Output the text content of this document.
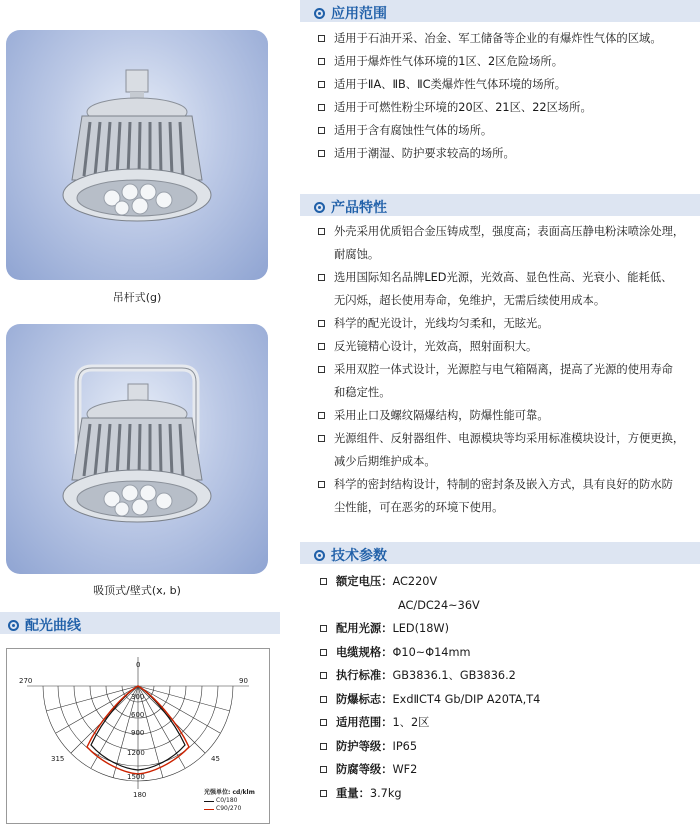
吊杆式(g)
吸顶式/壁式(x, b)
应用范围
适用于石油开采、冶金、军工储备等企业的有爆炸性气体的区域。
适用于爆炸性气体环境的1区、2区危险场所。
适用于ⅡA、ⅡB、ⅡC类爆炸性气体环境的场所。
适用于可燃性粉尘环境的20区、21区、22区场所。
适用于含有腐蚀性气体的场所。
适用于潮湿、防护要求较高的场所。
产品特性
外壳采用优质铝合金压铸成型，强度高；表面高压静电粉沫喷涂处理，
耐腐蚀。
选用国际知名品牌LED光源，光效高、显色性高、光衰小、能耗低、
无闪烁，超长使用寿命，免维护，无需后续使用成本。
科学的配光设计，光线均匀柔和，无眩光。
反光镜精心设计，光效高，照射面积大。
采用双腔一体式设计，光源腔与电气箱隔离，提高了光源的使用寿命
和稳定性。
采用止口及螺纹隔爆结构，防爆性能可靠。
光源组件、反射器组件、电源模块等均采用标准模块设计，方便更换，
减少后期维护成本。
科学的密封结构设计，特制的密封条及嵌入方式，具有良好的防水防
尘性能，可在恶劣的环境下使用。
技术参数
额定电压：AC220V
AC/DC24~36V
配用光源：LED(18W)
电缆规格：Φ10~Φ14mm
执行标准：GB3836.1、GB3836.2
防爆标志：ExdⅡCT4 Gb/DIP A20TA,T4
适用范围：1、2区
防护等级：IP65
防腐等级：WF2
重量：3.7kg
配光曲线
0
270	90
315	45
180
300
600
900
1200
1500
光强单位: cd/klm
C0/180
C90/270
